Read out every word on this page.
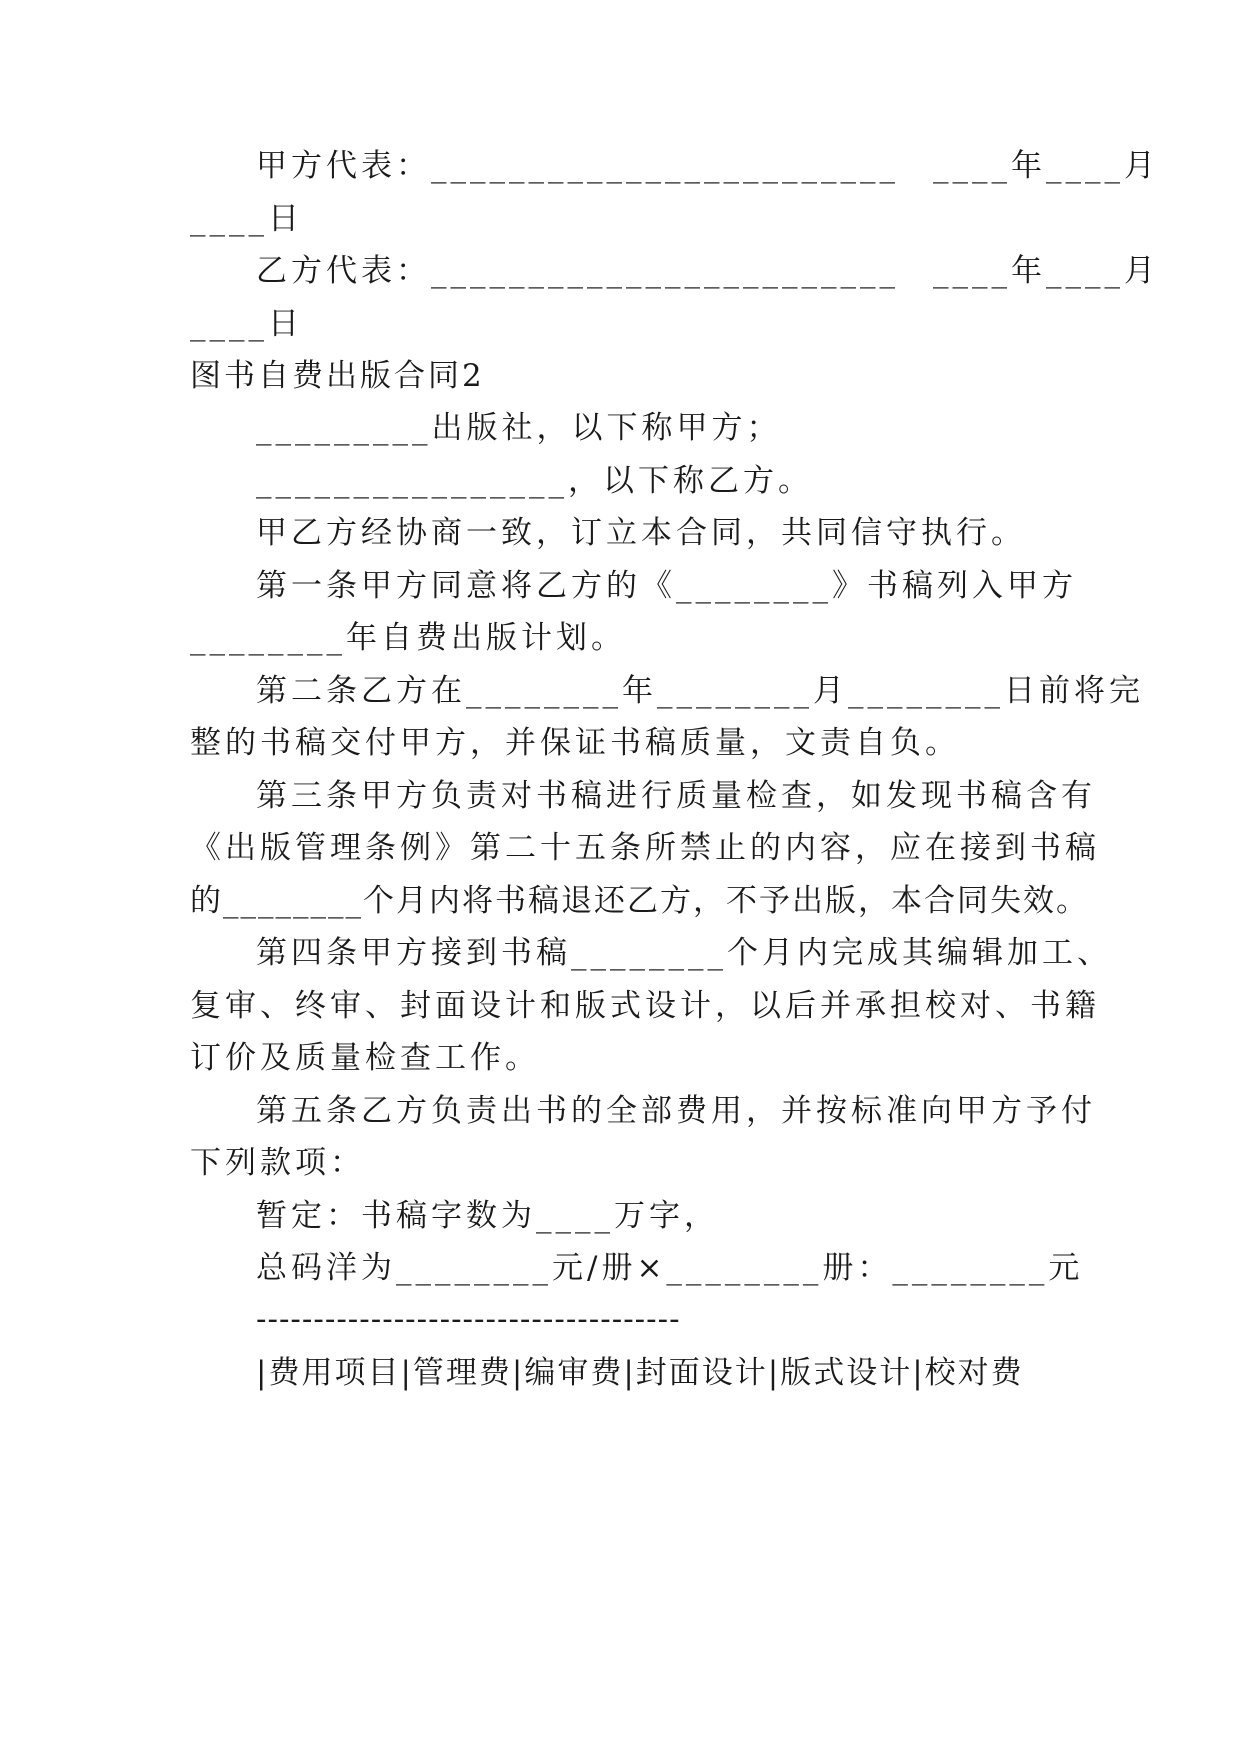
甲方代表：________________________ ____年____月
____日
乙方代表：________________________ ____年____月
____日
图书自费出版合同2
_________出版社，以下称甲方；
________________，以下称乙方。
甲乙方经协商一致，订立本合同，共同信守执行。
第一条甲方同意将乙方的《________》书稿列入甲方
________年自费出版计划。
第二条乙方在________年________月________日前将完
整的书稿交付甲方，并保证书稿质量，文责自负。
第三条甲方负责对书稿进行质量检查，如发现书稿含有
《出版管理条例》第二十五条所禁止的内容，应在接到书稿
的________个月内将书稿退还乙方，不予出版，本合同失效。
第四条甲方接到书稿________个月内完成其编辑加工、
复审、终审、封面设计和版式设计，以后并承担校对、书籍
订价及质量检查工作。
第五条乙方负责出书的全部费用，并按标准向甲方予付
下列款项：
暂定：书稿字数为____万字，
总码洋为________元/册×________册：________元
-------------------------------------
|费用项目|管理费|编审费|封面设计|版式设计|校对费
